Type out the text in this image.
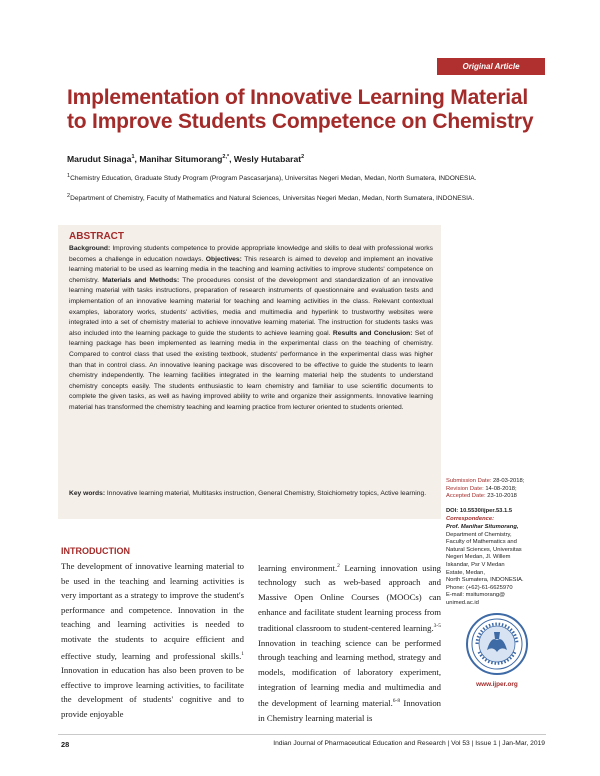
Original Article
Implementation of Innovative Learning Material to Improve Students Competence on Chemistry
Marudut Sinaga$^1$, Manihar Situmorang$^{2,*}$, Wesly Hutabarat$^2$
$^1$Chemistry Education, Graduate Study Program (Program Pascasarjana), Universitas Negeri Medan, Medan, North Sumatera, INDONESIA.
$^2$Department of Chemistry, Faculty of Mathematics and Natural Sciences, Universitas Negeri Medan, Medan, North Sumatera, INDONESIA.
ABSTRACT

Background: Improving students competence to provide appropriate knowledge and skills to deal with professional works becomes a challenge in education nowdays. Objectives: This research is aimed to develop and implement an inovative learning material to be used as learning media in the teaching and learning activities to improve students' competence on chemistry. Materials and Methods: The procedures consist of the development and standardization of an innovative learning material with tasks instructions, preparation of research instruments of questionnaire and evaluation tests and implementation of an innovative learning material for teaching and learning activities in the class. Relevant contextual examples, laboratory works, students' activities, media and multimedia and hyperlink to trustworthy websites were integrated into a set of chemistry material to achieve innovative learning material. The instruction for students tasks was also included into the learning package to guide the students to achieve learning goal. Results and Conclusion: Set of learning package has been implemented as learning media in the experimental class on the teaching of chemistry. Compared to control class that used the existing textbook, students' performance in the experimental class was higher than that in control class. An innovative leaning package was discovered to be effective to guide the students to learn chemistry independently. The learning facilities integrated in the learning material help the students to understand chemistry concepts easily. The students enthusiastic to learn chemistry and familiar to use scientific documents to complete the given tasks, as well as having improved ability to write and organize their assignments. Innovative learning material has transformed the chemistry teaching and learning practice from lecturer oriented to students oriented.

Key words: Innovative learning material, Multitasks instruction, General Chemistry, Stoichiometry topics, Active learning.

Submission Date: 28-03-2018;
Revision Date: 14-08-2018;
Accepted Date: 23-10-2018
DOI: 10.5530/ijper.53.1.5
Correspondence:
Prof. Manihar Situmorang,
Department of Chemistry,
Faculty of Mathematics and
Natural Sciences, Universitas
Negeri Medan, Jl. Willem
Iskandar, Psr V Medan
Estate, Medan,
North Sumatera, INDONESIA.
Phone: (+62)-61-6625970
E-mail: msitumorang@
unimed.ac.id
www.ijper.org
INTRODUCTION

The development of innovative learning material to be used in the teaching and learning activities is very important as a strategy to improve the student's performance and competence. Innovation in the teaching and learning activities is needed to motivate the students to acquire efficient and effective study, learning and professional skills.$^1$ Innovation in education has also been proven to be effective to improve learning activities, to facilitate the development of students' cognitive and to provide enjoyable

learning environment.$^2$ Learning innovation using technology such as web-based approach and Massive Open Online Courses (MOOCs) can enhance and facilitate student learning process from traditional classroom to student-centered learning.$^{3-5}$ Innovation in teaching science can be performed through teaching and learning method, strategy and models, modification of laboratory experiment, integration of learning media and multimedia and the development of learning material.$^{6-8}$ Innovation in Chemistry learning material is

28	Indian Journal of Pharmaceutical Education and Research | Vol 53 | Issue 1 | Jan-Mar, 2019
